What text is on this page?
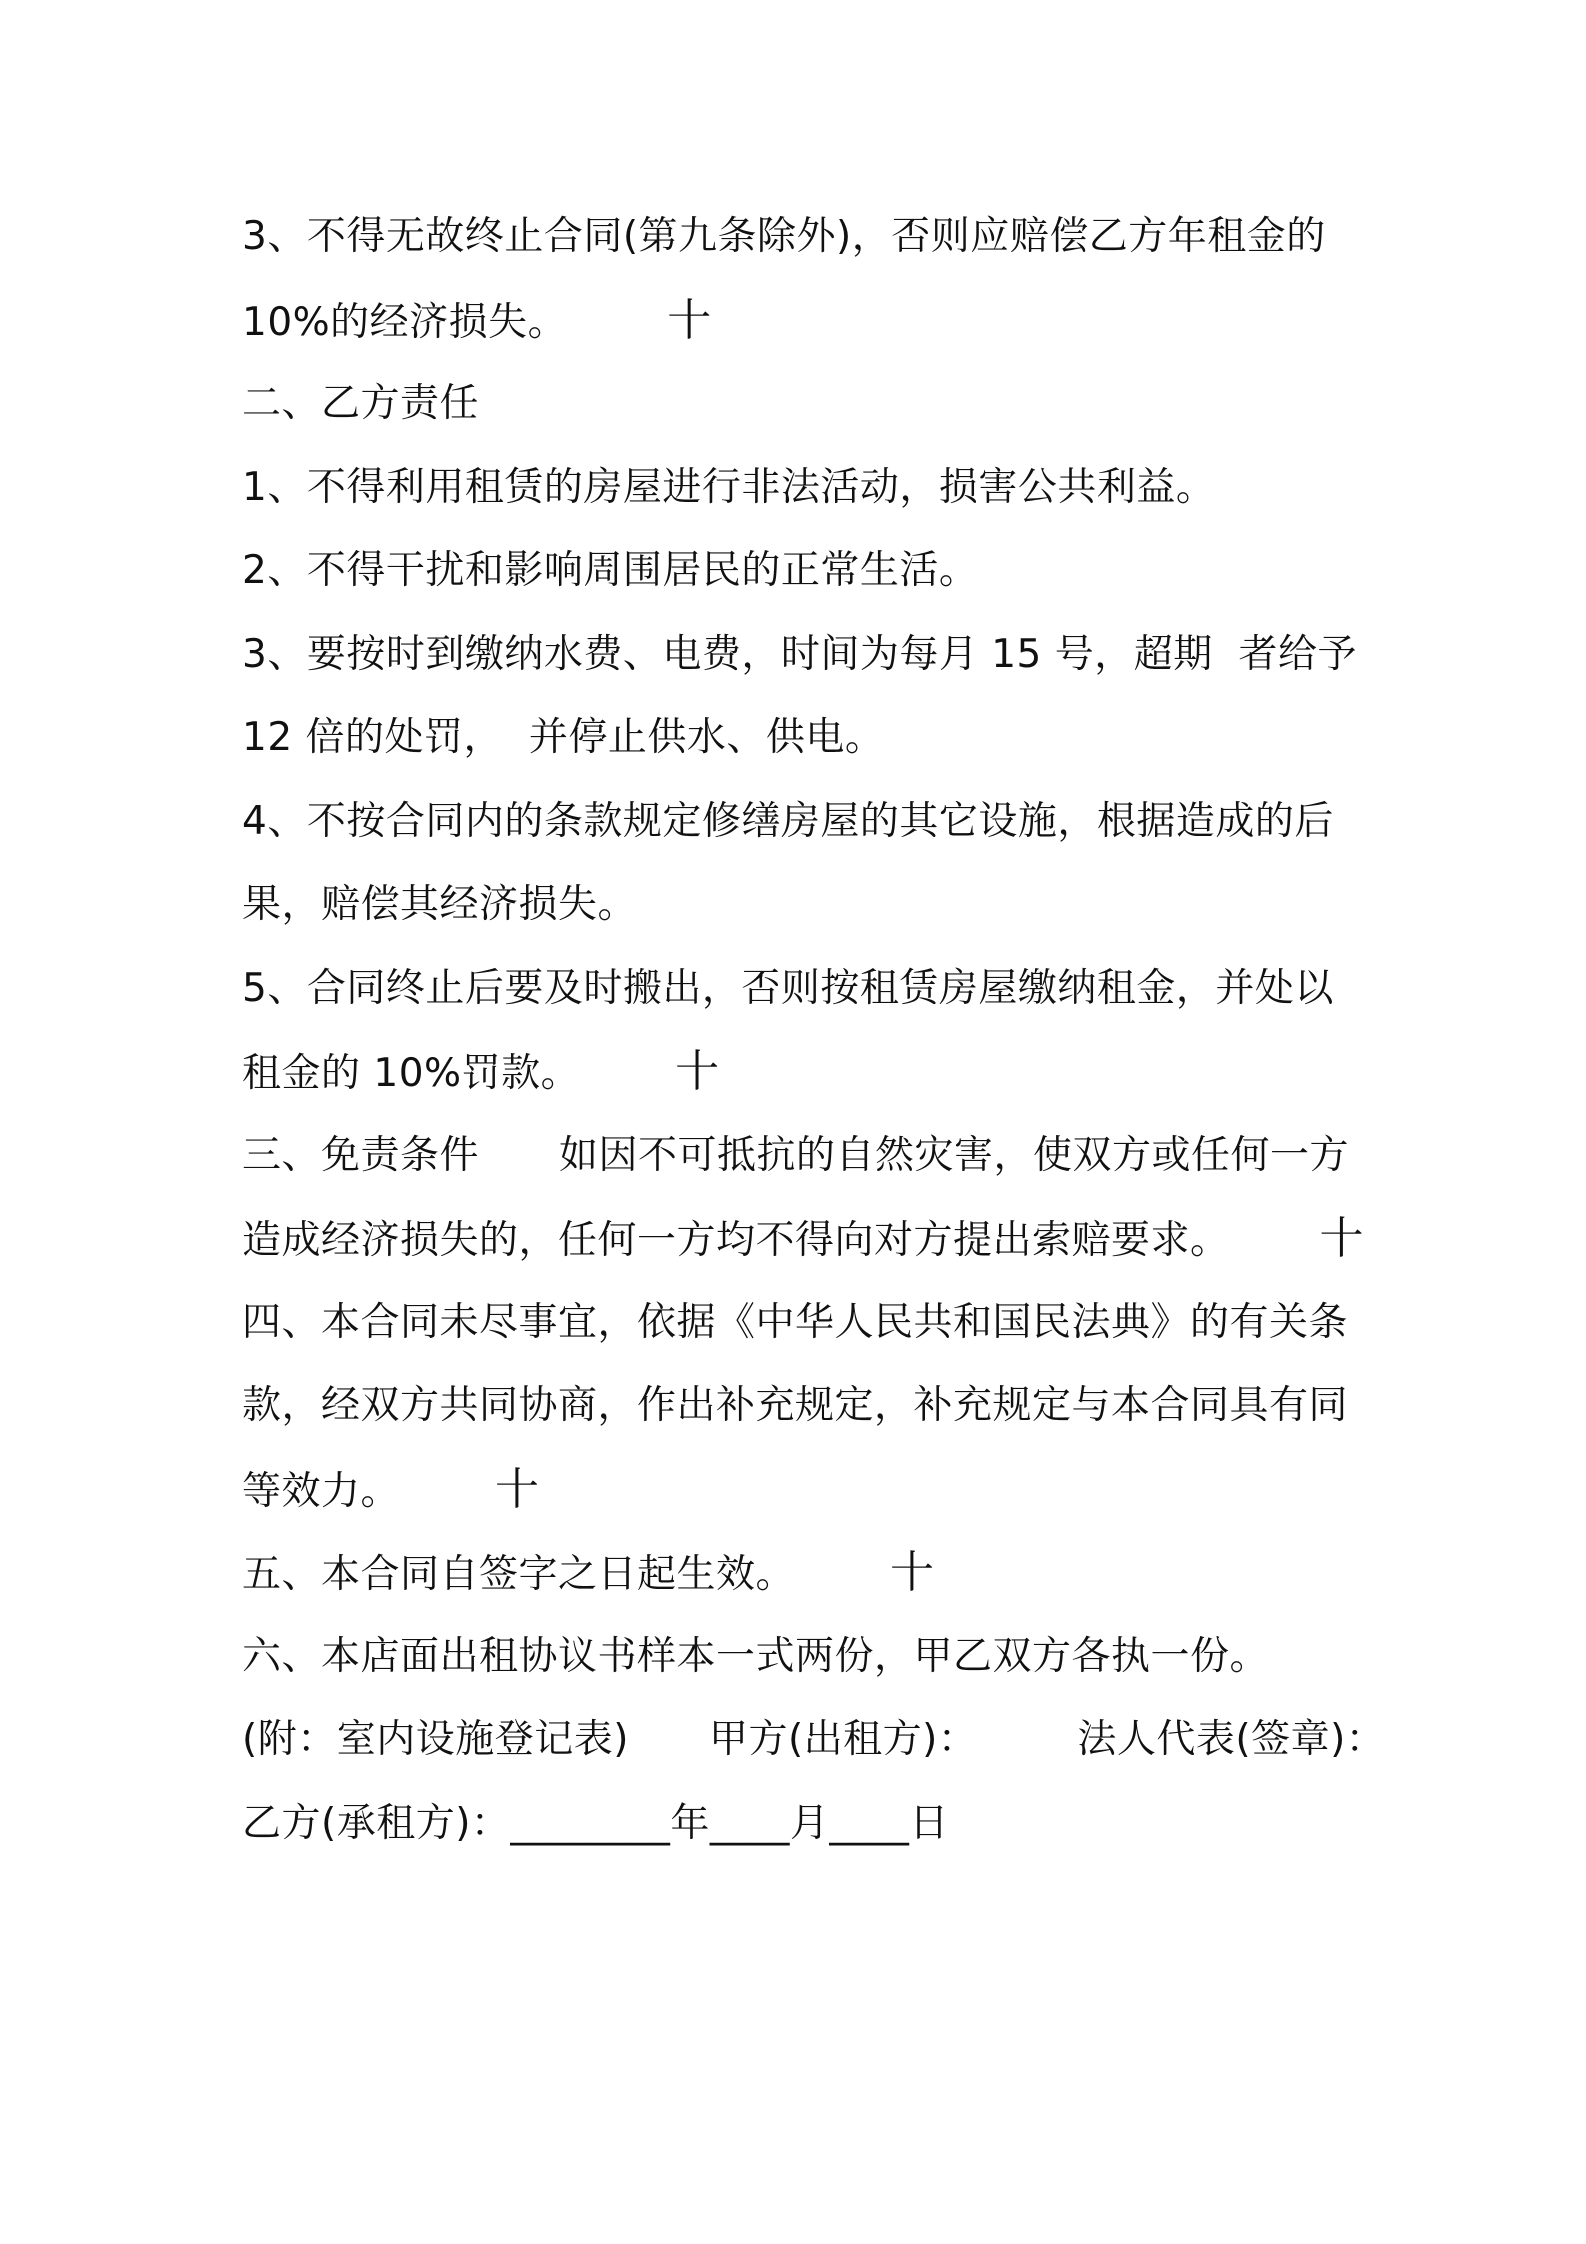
3、不得无故终止合同(第九条除外)，否则应赔偿乙方年租金的
10%的经济损失。 十
二、乙方责任
1、不得利用租赁的房屋进行非法活动，损害公共利益。
2、不得干扰和影响周围居民的正常生活。
3、要按时到缴纳水费、电费，时间为每月 15 号，超期  者给予
12 倍的处罚，  并停止供水、供电。
4、不按合同内的条款规定修缮房屋的其它设施，根据造成的后
果，赔偿其经济损失。
5、合同终止后要及时搬出，否则按租赁房屋缴纳租金，并处以
租金的 10%罚款。 十
三、免责条件 如因不可抵抗的自然灾害，使双方或任何一方
造成经济损失的，任何一方均不得向对方提出索赔要求。 十
四、本合同未尽事宜，依据《中华人民共和国民法典》的有关条
款，经双方共同协商，作出补充规定，补充规定与本合同具有同
等效力。 十
五、本合同自签字之日起生效。 十
六、本店面出租协议书样本一式两份，甲乙双方各执一份。
(附：室内设施登记表) 甲方(出租方)：	法人代表(签章)：
乙方(承租方)：________年____月____日
